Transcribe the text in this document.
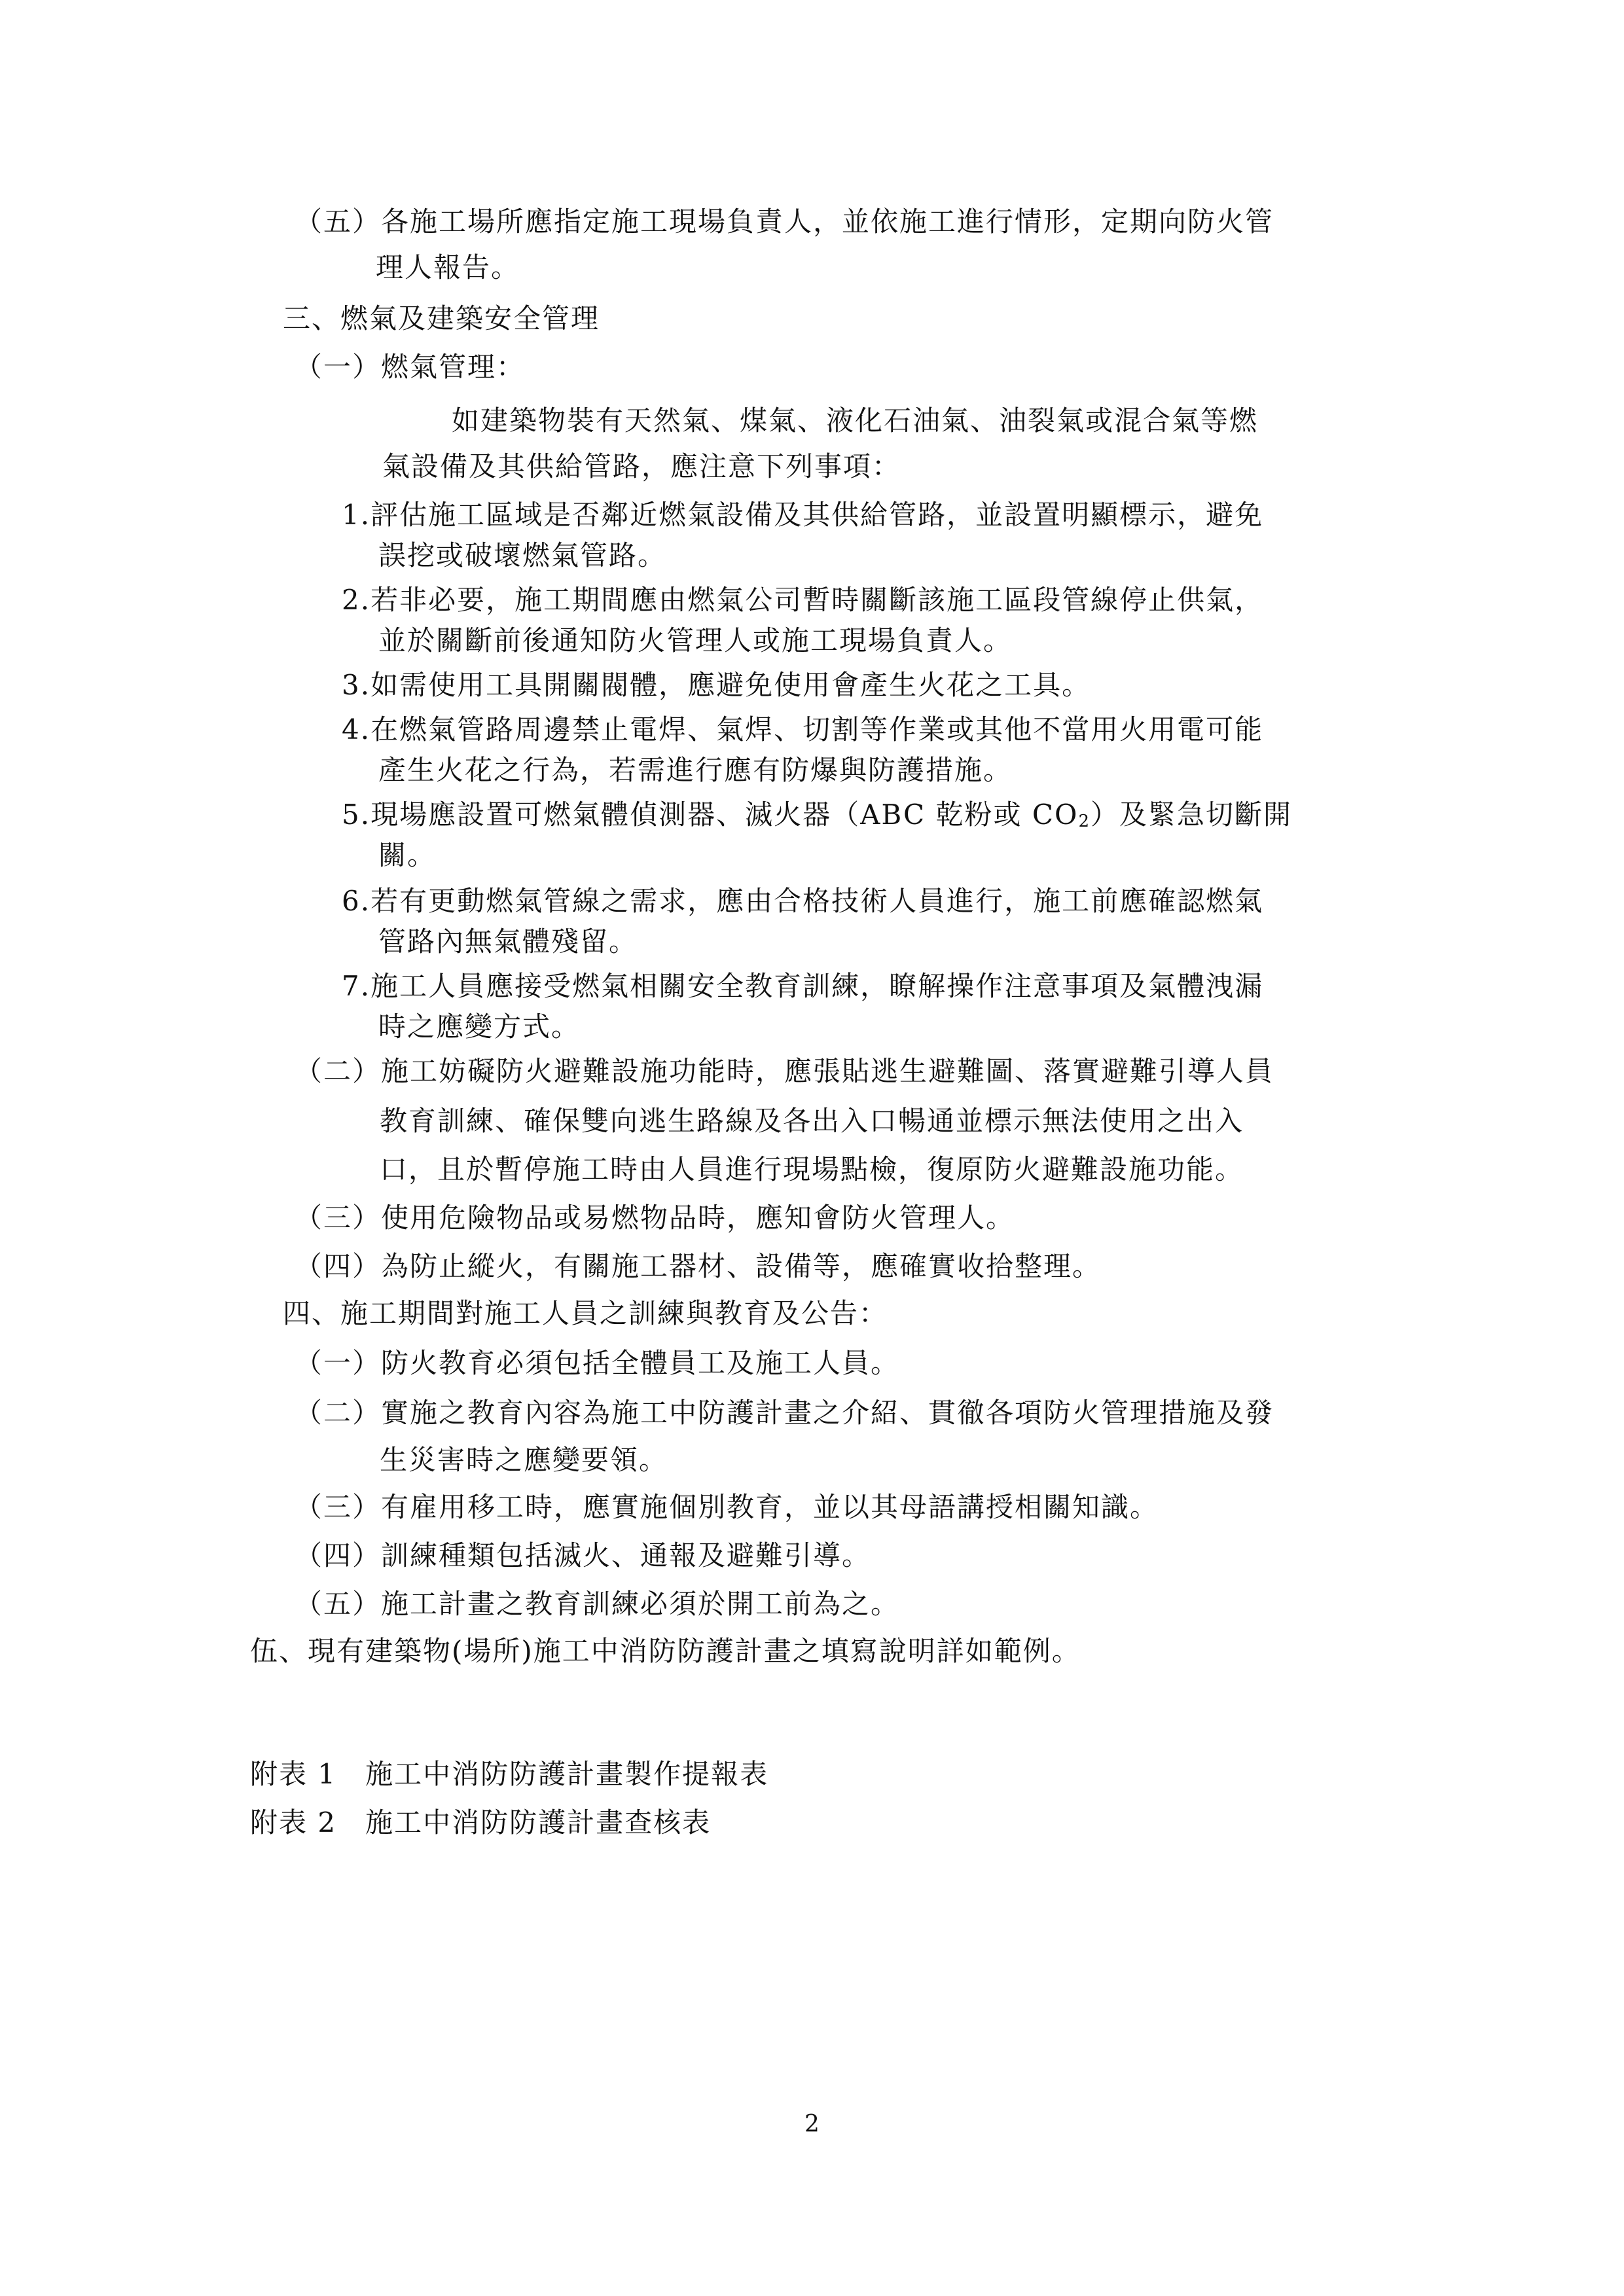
（五）各施工場所應指定施工現場負責人，並依施工進行情形，定期向防火管
理人報告。
三、燃氣及建築安全管理
（一）燃氣管理：
如建築物裝有天然氣、煤氣、液化石油氣、油裂氣或混合氣等燃
氣設備及其供給管路，應注意下列事項：
1.評估施工區域是否鄰近燃氣設備及其供給管路，並設置明顯標示，避免
誤挖或破壞燃氣管路。
2.若非必要，施工期間應由燃氣公司暫時關斷該施工區段管線停止供氣，
並於關斷前後通知防火管理人或施工現場負責人。
3.如需使用工具開關閥體，應避免使用會產生火花之工具。
4.在燃氣管路周邊禁止電焊、氣焊、切割等作業或其他不當用火用電可能
產生火花之行為，若需進行應有防爆與防護措施。
5.現場應設置可燃氣體偵測器、滅火器（ABC 乾粉或 CO2）及緊急切斷開
關。
6.若有更動燃氣管線之需求，應由合格技術人員進行，施工前應確認燃氣
管路內無氣體殘留。
7.施工人員應接受燃氣相關安全教育訓練，瞭解操作注意事項及氣體洩漏
時之應變方式。
（二）施工妨礙防火避難設施功能時，應張貼逃生避難圖、落實避難引導人員
教育訓練、確保雙向逃生路線及各出入口暢通並標示無法使用之出入
口，且於暫停施工時由人員進行現場點檢，復原防火避難設施功能。
（三）使用危險物品或易燃物品時，應知會防火管理人。
（四）為防止縱火，有關施工器材、設備等，應確實收拾整理。
四、施工期間對施工人員之訓練與教育及公告：
（一）防火教育必須包括全體員工及施工人員。
（二）實施之教育內容為施工中防護計畫之介紹、貫徹各項防火管理措施及發
生災害時之應變要領。
（三）有雇用移工時，應實施個別教育，並以其母語講授相關知識。
（四）訓練種類包括滅火、通報及避難引導。
（五）施工計畫之教育訓練必須於開工前為之。
伍、現有建築物(場所)施工中消防防護計畫之填寫說明詳如範例。
附表 1　施工中消防防護計畫製作提報表
附表 2　施工中消防防護計畫查核表
2
